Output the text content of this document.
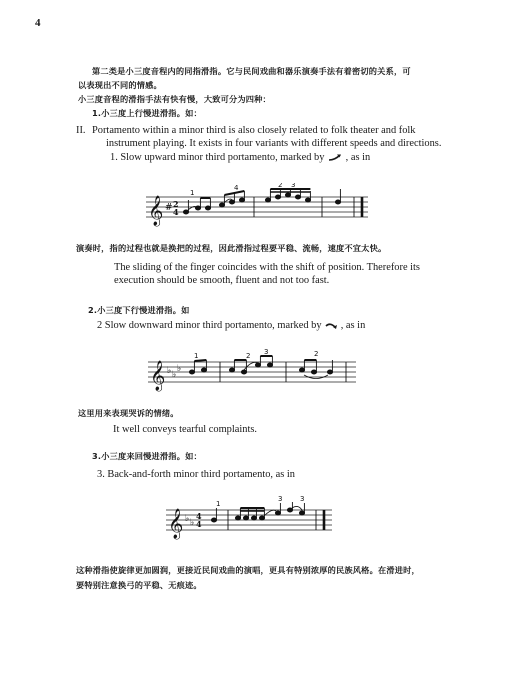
4
第二类是小三度音程内的同指滑指。它与民间戏曲和器乐演奏手法有着密切的关系，可
以表现出不同的情感。
小三度音程的滑指手法有快有慢，大致可分为四种：
1.小三度上行慢进滑指。如：
II. Portamento within a minor third is also closely related to folk theater and folk
instrument playing. It exists in four variants with different speeds and directions.
1. Slow upward minor third portamento, marked by , as in
𝄞 # 2
4
1
4	2 3
演奏时，指的过程也就是换把的过程，因此滑指过程要平稳、流畅，速度不宜太快。
The sliding of the finger coincides with the shift of position. Therefore its
execution should be smooth, fluent and not too fast.
2.小三度下行慢进滑指。如
2 Slow downward minor third portamento, marked by , as in
𝄞 ♭ ♭
♭
1	2 3	2
这里用来表现哭诉的情绪。
It well conveys tearful complaints.
3.小三度来回慢进滑指。如：
3. Back-and-forth minor third portamento, as in
𝄞 ♭ ♭
4
4
1
3	3
这种滑指使旋律更加圆润，更接近民间戏曲的演唱，更具有特别浓厚的民族风格。在滑进时，
要特别注意换弓的平稳、无痕迹。
